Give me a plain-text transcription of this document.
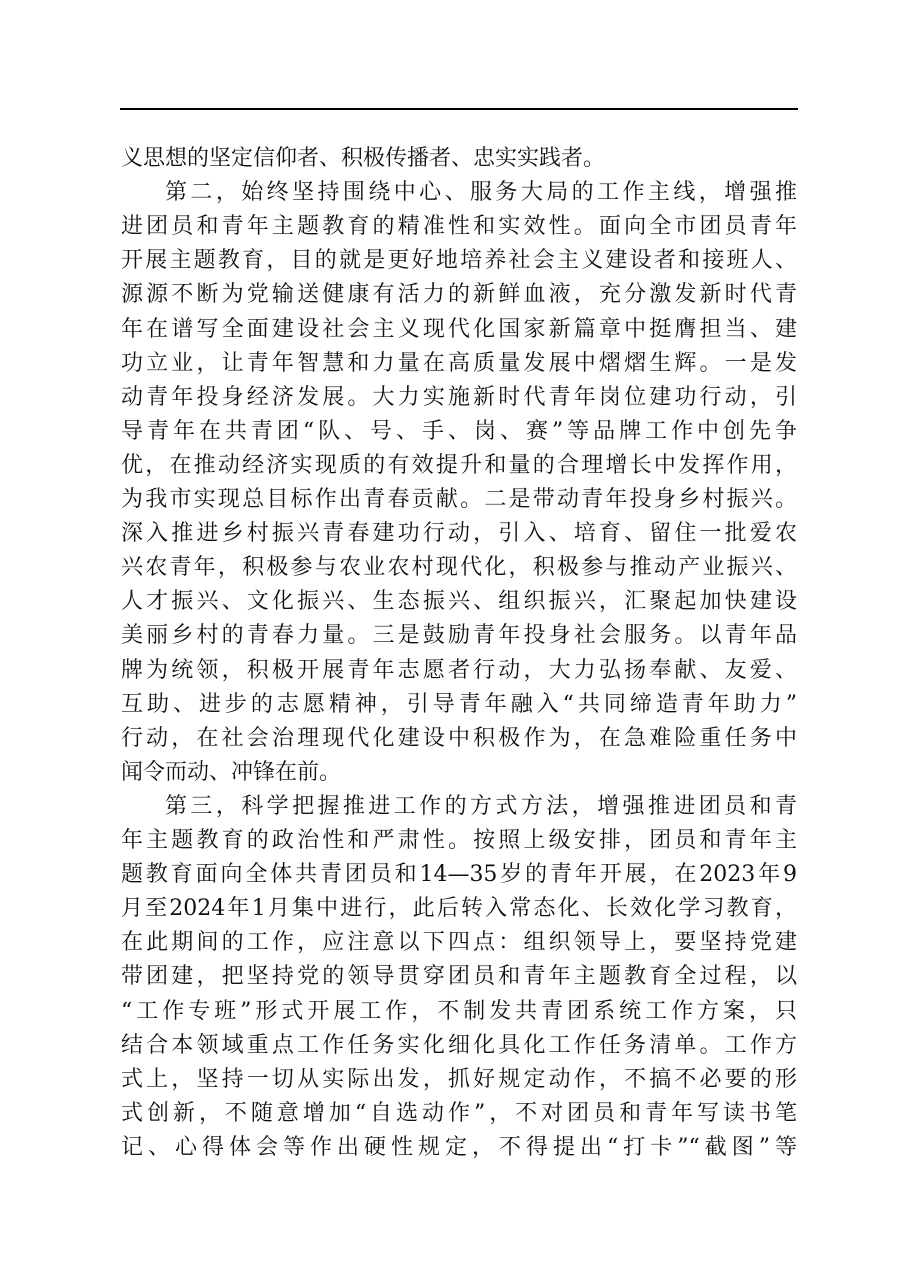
义思想的坚定信仰者、积极传播者、忠实实践者。
第二，始终坚持围绕中心、服务大局的工作主线，增强推
进团员和青年主题教育的精准性和实效性。面向全市团员青年
开展主题教育，目的就是更好地培养社会主义建设者和接班人、
源源不断为党输送健康有活力的新鲜血液，充分激发新时代青
年在谱写全面建设社会主义现代化国家新篇章中挺膺担当、建
功立业，让青年智慧和力量在高质量发展中熠熠生辉。一是发
动青年投身经济发展。大力实施新时代青年岗位建功行动，引
导青年在共青团“队、号、手、岗、赛”等品牌工作中创先争
优，在推动经济实现质的有效提升和量的合理增长中发挥作用，
为我市实现总目标作出青春贡献。二是带动青年投身乡村振兴。
深入推进乡村振兴青春建功行动，引入、培育、留住一批爱农
兴农青年，积极参与农业农村现代化，积极参与推动产业振兴、
人才振兴、文化振兴、生态振兴、组织振兴，汇聚起加快建设
美丽乡村的青春力量。三是鼓励青年投身社会服务。以青年品
牌为统领，积极开展青年志愿者行动，大力弘扬奉献、友爱、
互助、进步的志愿精神，引导青年融入“共同缔造青年助力”
行动，在社会治理现代化建设中积极作为，在急难险重任务中
闻令而动、冲锋在前。
第三，科学把握推进工作的方式方法，增强推进团员和青
年主题教育的政治性和严肃性。按照上级安排，团员和青年主
题教育面向全体共青团员和14—35岁的青年开展，在2023年9
月至2024年1月集中进行，此后转入常态化、长效化学习教育，
在此期间的工作，应注意以下四点：组织领导上，要坚持党建
带团建，把坚持党的领导贯穿团员和青年主题教育全过程，以
“工作专班”形式开展工作，不制发共青团系统工作方案，只
结合本领域重点工作任务实化细化具化工作任务清单。工作方
式上，坚持一切从实际出发，抓好规定动作，不搞不必要的形
式创新，不随意增加“自选动作”，不对团员和青年写读书笔
记、心得体会等作出硬性规定，不得提出“打卡”“截图”等
